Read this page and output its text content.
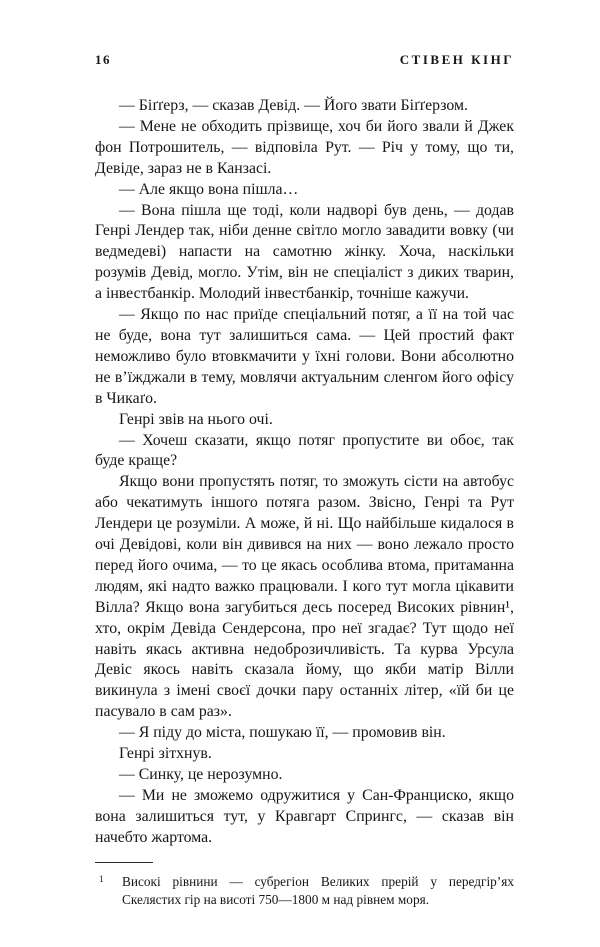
16	СТІВЕН КІНГ

— Біґґерз, — сказав Девід. — Його звати Біґґерзом.

— Мене не обходить прізвище, хоч би його звали й Джек фон Потрошитель, — відповіла Рут. — Річ у тому, що ти, Девіде, зараз не в Канзасі.

— Але якщо вона пішла…

— Вона пішла ще тоді, коли надворі був день, — додав Генрі Лендер так, ніби денне світло могло завадити вовку (чи ведмедеві) напасти на самотню жінку. Хоча, наскільки розумів Девід, могло. Утім, він не спеціаліст з диких тварин, а інвестбанкір. Молодий інвестбанкір, точніше кажучи.

— Якщо по нас приїде спеціальний потяг, а її на той час не буде, вона тут залишиться сама. — Цей простий факт неможливо було втовкмачити у їхні голови. Вони абсолютно не в’їжджали в тему, мовлячи актуальним сленгом його офісу в Чикаґо.

Генрі звів на нього очі.

— Хочеш сказати, якщо потяг пропустите ви обоє, так буде краще?

Якщо вони пропустять потяг, то зможуть сісти на автобус або чекатимуть іншого потяга разом. Звісно, Генрі та Рут Лендери це розуміли. А може, й ні. Що найбільше кидалося в очі Девідові, коли він дивився на них — воно лежало просто перед його очима, — то це якась особлива втома, притаманна людям, які надто важко працювали. І кого тут могла цікавити Вілла? Якщо вона загубиться десь посеред Високих рівнин¹, хто, окрім Девіда Сендерсона, про неї згадає? Тут щодо неї навіть якась активна недоброзичливість. Та курва Урсула Девіс якось навіть сказала йому, що якби матір Вілли викинула з імені своєї дочки пару останніх літер, «їй би це пасувало в сам раз».

— Я піду до міста, пошукаю її, — промовив він.

Генрі зітхнув.

— Синку, це нерозумно.

— Ми не зможемо одружитися у Сан-Франциско, якщо вона залишиться тут, у Кравгарт Спрингс, — сказав він начебто жартома.

1 Високі рівнини — субрегіон Великих прерій у передгір’ях Скелястих гір на висоті 750—1800 м над рівнем моря.
